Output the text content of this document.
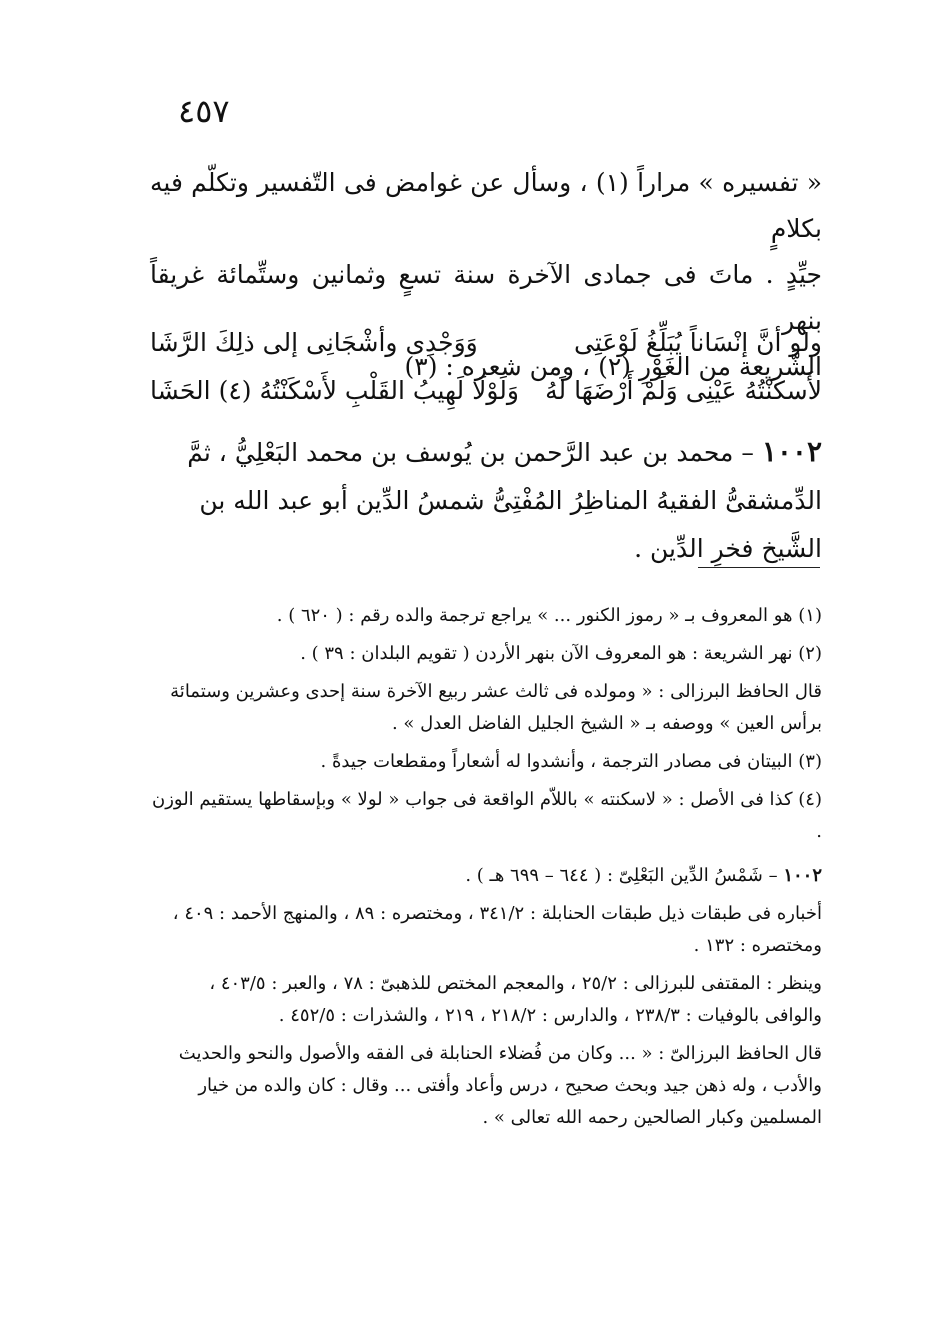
٤٥٧

« تفسيره » مراراً (١) ، وسأل عن غوامض فى التّفسير وتكلّم فيه بكلامٍ

جيِّدٍ . ماتَ فى جمادى الآخرة سنة تسعٍ وثمانين وستِّمائة غريقاً بنهر

الشَّريعة من الغَوْرِ (٢) ، ومن شعره : (٣)

ولو أنَّ إنْسَاناً يُبَلِّغُ لَوْعَتِى
وَوَجْدِى وأشْجَانِى إلى ذلِكَ الرَّشَا
لأَسكَنْتُهُ عَيْنِى وَلَمْ أَرْضَهَا لَهُ
وَلَوْلَا لَهِيبُ القَلْبِ لأَسْكَنْتُهُ (٤) الحَشَا

١٠٠٢ – محمد بن عبد الرَّحمن بن يُوسف بن محمد البَعْلِيُّ ، ثمَّ

الدِّمشقىُّ الفقيهُ المناظِرُ المُفْتِىُّ شمسُ الدِّين أبو عبد الله بن الشَّيخ فخرِ الدِّين .

(١) هو المعروف بـ « رموز الكنور ... » يراجع ترجمة والده رقم : ( ٦٢٠ ) .

(٢) نهر الشريعة : هو المعروف الآن بنهر الأردن ( تقويم البلدان : ٣٩ ) .

قال الحافظ البرزالى : « ومولده فى ثالث عشر ربيع الآخرة سنة إحدى وعشرين وستمائة برأس العين » ووصفه بـ « الشيخ الجليل الفاضل العدل » .

(٣) البيتان فى مصادر الترجمة ، وأنشدوا له أشعاراً ومقطعات جيدةً .

(٤) كذا فى الأصل : « لاسكنته » باللاّم الواقعة فى جواب « لولا » وبإسقاطها يستقيم الوزن .

١٠٠٢ – شَمْسُ الدِّين البَعْلِىّ : ( ٦٤٤ – ٦٩٩ هـ ) .

أخباره فى طبقات ذيل طبقات الحنابلة : ٣٤١/٢ ، ومختصره : ٨٩ ، والمنهج الأحمد : ٤٠٩ ، ومختصره : ١٣٢ .

وينظر : المقتفى للبرزالى : ٢٥/٢ ، والمعجم المختص للذهبىّ : ٧٨ ، والعبر : ٤٠٣/٥ ، والوافى بالوفيات : ٢٣٨/٣ ، والدارس : ٢١٨/٢ ، ٢١٩ ، والشذرات : ٤٥٢/٥ .

قال الحافظ البرزالىّ : « ... وكان من فُضلاء الحنابلة فى الفقه والأصول والنحو والحديث والأدب ، وله ذهن جيد وبحث صحيح ، درس وأعاد وأفتى ... وقال : كان والده من خيار المسلمين وكبار الصالحين رحمه الله تعالى » .
